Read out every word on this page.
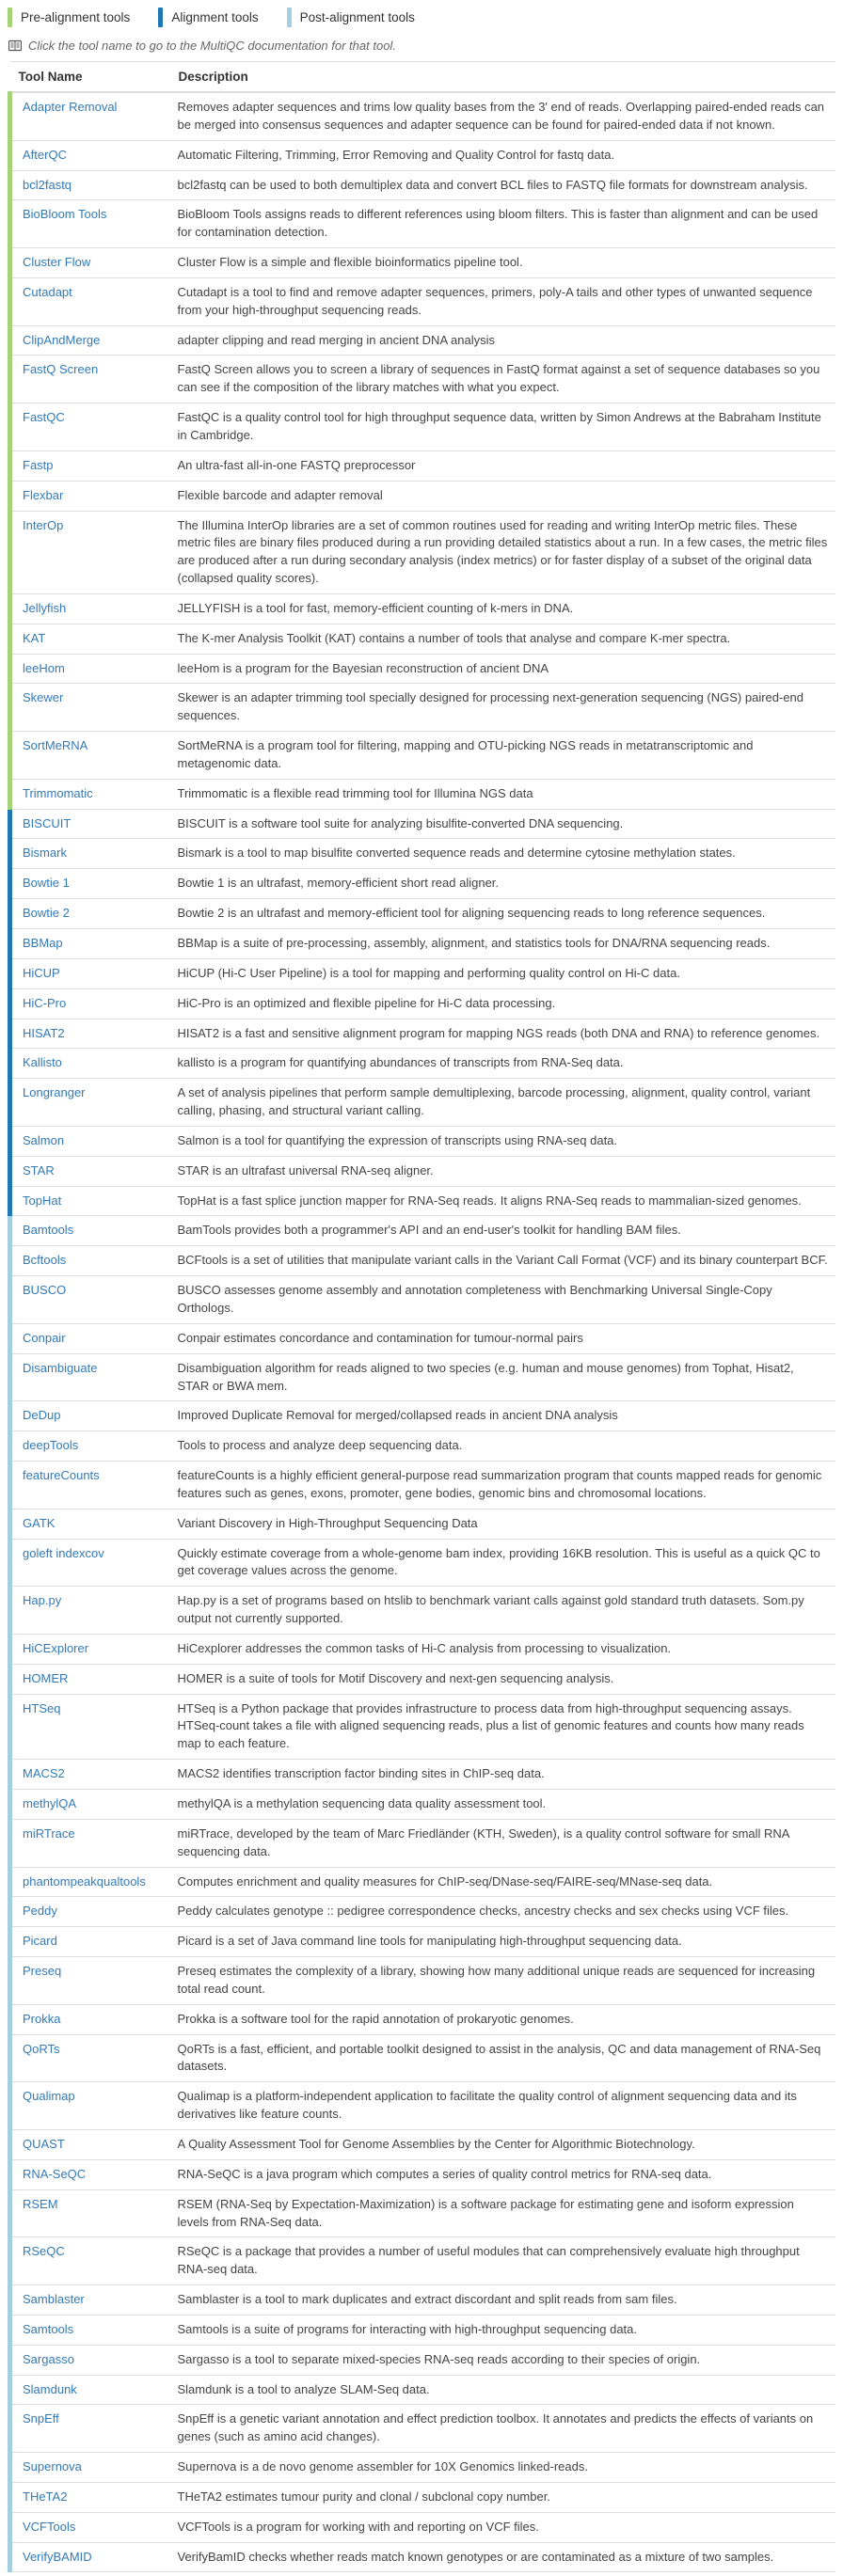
Pre-alignment tools	Alignment tools	Post-alignment tools
Click the tool name to go to the MultiQC documentation for that tool.
Tool Name	Description
Adapter Removal	Removes adapter sequences and trims low quality bases from the 3' end of reads. Overlapping paired-ended reads can be merged into consensus sequences and adapter sequence can be found for paired-ended data if not known.
AfterQC	Automatic Filtering, Trimming, Error Removing and Quality Control for fastq data.
bcl2fastq	bcl2fastq can be used to both demultiplex data and convert BCL files to FASTQ file formats for downstream analysis.
BioBloom Tools	BioBloom Tools assigns reads to different references using bloom filters. This is faster than alignment and can be used for contamination detection.
Cluster Flow	Cluster Flow is a simple and flexible bioinformatics pipeline tool.
Cutadapt	Cutadapt is a tool to find and remove adapter sequences, primers, poly-A tails and other types of unwanted sequence from your high-throughput sequencing reads.
ClipAndMerge	adapter clipping and read merging in ancient DNA analysis
FastQ Screen	FastQ Screen allows you to screen a library of sequences in FastQ format against a set of sequence databases so you can see if the composition of the library matches with what you expect.
FastQC	FastQC is a quality control tool for high throughput sequence data, written by Simon Andrews at the Babraham Institute in Cambridge.
Fastp	An ultra-fast all-in-one FASTQ preprocessor
Flexbar	Flexible barcode and adapter removal
InterOp	The Illumina InterOp libraries are a set of common routines used for reading and writing InterOp metric files. These metric files are binary files produced during a run providing detailed statistics about a run. In a few cases, the metric files are produced after a run during secondary analysis (index metrics) or for faster display of a subset of the original data (collapsed quality scores).
Jellyfish	JELLYFISH is a tool for fast, memory-efficient counting of k-mers in DNA.
KAT	The K-mer Analysis Toolkit (KAT) contains a number of tools that analyse and compare K-mer spectra.
leeHom	leeHom is a program for the Bayesian reconstruction of ancient DNA
Skewer	Skewer is an adapter trimming tool specially designed for processing next-generation sequencing (NGS) paired-end sequences.
SortMeRNA	SortMeRNA is a program tool for filtering, mapping and OTU-picking NGS reads in metatranscriptomic and metagenomic data.
Trimmomatic	Trimmomatic is a flexible read trimming tool for Illumina NGS data
BISCUIT	BISCUIT is a software tool suite for analyzing bisulfite-converted DNA sequencing.
Bismark	Bismark is a tool to map bisulfite converted sequence reads and determine cytosine methylation states.
Bowtie 1	Bowtie 1 is an ultrafast, memory-efficient short read aligner.
Bowtie 2	Bowtie 2 is an ultrafast and memory-efficient tool for aligning sequencing reads to long reference sequences.
BBMap	BBMap is a suite of pre-processing, assembly, alignment, and statistics tools for DNA/RNA sequencing reads.
HiCUP	HiCUP (Hi-C User Pipeline) is a tool for mapping and performing quality control on Hi-C data.
HiC-Pro	HiC-Pro is an optimized and flexible pipeline for Hi-C data processing.
HISAT2	HISAT2 is a fast and sensitive alignment program for mapping NGS reads (both DNA and RNA) to reference genomes.
Kallisto	kallisto is a program for quantifying abundances of transcripts from RNA-Seq data.
Longranger	A set of analysis pipelines that perform sample demultiplexing, barcode processing, alignment, quality control, variant calling, phasing, and structural variant calling.
Salmon	Salmon is a tool for quantifying the expression of transcripts using RNA-seq data.
STAR	STAR is an ultrafast universal RNA-seq aligner.
TopHat	TopHat is a fast splice junction mapper for RNA-Seq reads. It aligns RNA-Seq reads to mammalian-sized genomes.
Bamtools	BamTools provides both a programmer's API and an end-user's toolkit for handling BAM files.
Bcftools	BCFtools is a set of utilities that manipulate variant calls in the Variant Call Format (VCF) and its binary counterpart BCF.
BUSCO	BUSCO assesses genome assembly and annotation completeness with Benchmarking Universal Single-Copy Orthologs.
Conpair	Conpair estimates concordance and contamination for tumour-normal pairs
Disambiguate	Disambiguation algorithm for reads aligned to two species (e.g. human and mouse genomes) from Tophat, Hisat2, STAR or BWA mem.
DeDup	Improved Duplicate Removal for merged/collapsed reads in ancient DNA analysis
deepTools	Tools to process and analyze deep sequencing data.
featureCounts	featureCounts is a highly efficient general-purpose read summarization program that counts mapped reads for genomic features such as genes, exons, promoter, gene bodies, genomic bins and chromosomal locations.
GATK	Variant Discovery in High-Throughput Sequencing Data
goleft indexcov	Quickly estimate coverage from a whole-genome bam index, providing 16KB resolution. This is useful as a quick QC to get coverage values across the genome.
Hap.py	Hap.py is a set of programs based on htslib to benchmark variant calls against gold standard truth datasets. Som.py output not currently supported.
HiCExplorer	HiCexplorer addresses the common tasks of Hi-C analysis from processing to visualization.
HOMER	HOMER is a suite of tools for Motif Discovery and next-gen sequencing analysis.
HTSeq	HTSeq is a Python package that provides infrastructure to process data from high-throughput sequencing assays. HTSeq-count takes a file with aligned sequencing reads, plus a list of genomic features and counts how many reads map to each feature.
MACS2	MACS2 identifies transcription factor binding sites in ChIP-seq data.
methylQA	methylQA is a methylation sequencing data quality assessment tool.
miRTrace	miRTrace, developed by the team of Marc Friedländer (KTH, Sweden), is a quality control software for small RNA sequencing data.
phantompeakqualtools	Computes enrichment and quality measures for ChIP-seq/DNase-seq/FAIRE-seq/MNase-seq data.
Peddy	Peddy calculates genotype :: pedigree correspondence checks, ancestry checks and sex checks using VCF files.
Picard	Picard is a set of Java command line tools for manipulating high-throughput sequencing data.
Preseq	Preseq estimates the complexity of a library, showing how many additional unique reads are sequenced for increasing total read count.
Prokka	Prokka is a software tool for the rapid annotation of prokaryotic genomes.
QoRTs	QoRTs is a fast, efficient, and portable toolkit designed to assist in the analysis, QC and data management of RNA-Seq datasets.
Qualimap	Qualimap is a platform-independent application to facilitate the quality control of alignment sequencing data and its derivatives like feature counts.
QUAST	A Quality Assessment Tool for Genome Assemblies by the Center for Algorithmic Biotechnology.
RNA-SeQC	RNA-SeQC is a java program which computes a series of quality control metrics for RNA-seq data.
RSEM	RSEM (RNA-Seq by Expectation-Maximization) is a software package for estimating gene and isoform expression levels from RNA-Seq data.
RSeQC	RSeQC is a package that provides a number of useful modules that can comprehensively evaluate high throughput RNA-seq data.
Samblaster	Samblaster is a tool to mark duplicates and extract discordant and split reads from sam files.
Samtools	Samtools is a suite of programs for interacting with high-throughput sequencing data.
Sargasso	Sargasso is a tool to separate mixed-species RNA-seq reads according to their species of origin.
Slamdunk	Slamdunk is a tool to analyze SLAM-Seq data.
SnpEff	SnpEff is a genetic variant annotation and effect prediction toolbox. It annotates and predicts the effects of variants on genes (such as amino acid changes).
Supernova	Supernova is a de novo genome assembler for 10X Genomics linked-reads.
THeTA2	THeTA2 estimates tumour purity and clonal / subclonal copy number.
VCFTools	VCFTools is a program for working with and reporting on VCF files.
VerifyBAMID	VerifyBamID checks whether reads match known genotypes or are contaminated as a mixture of two samples.
